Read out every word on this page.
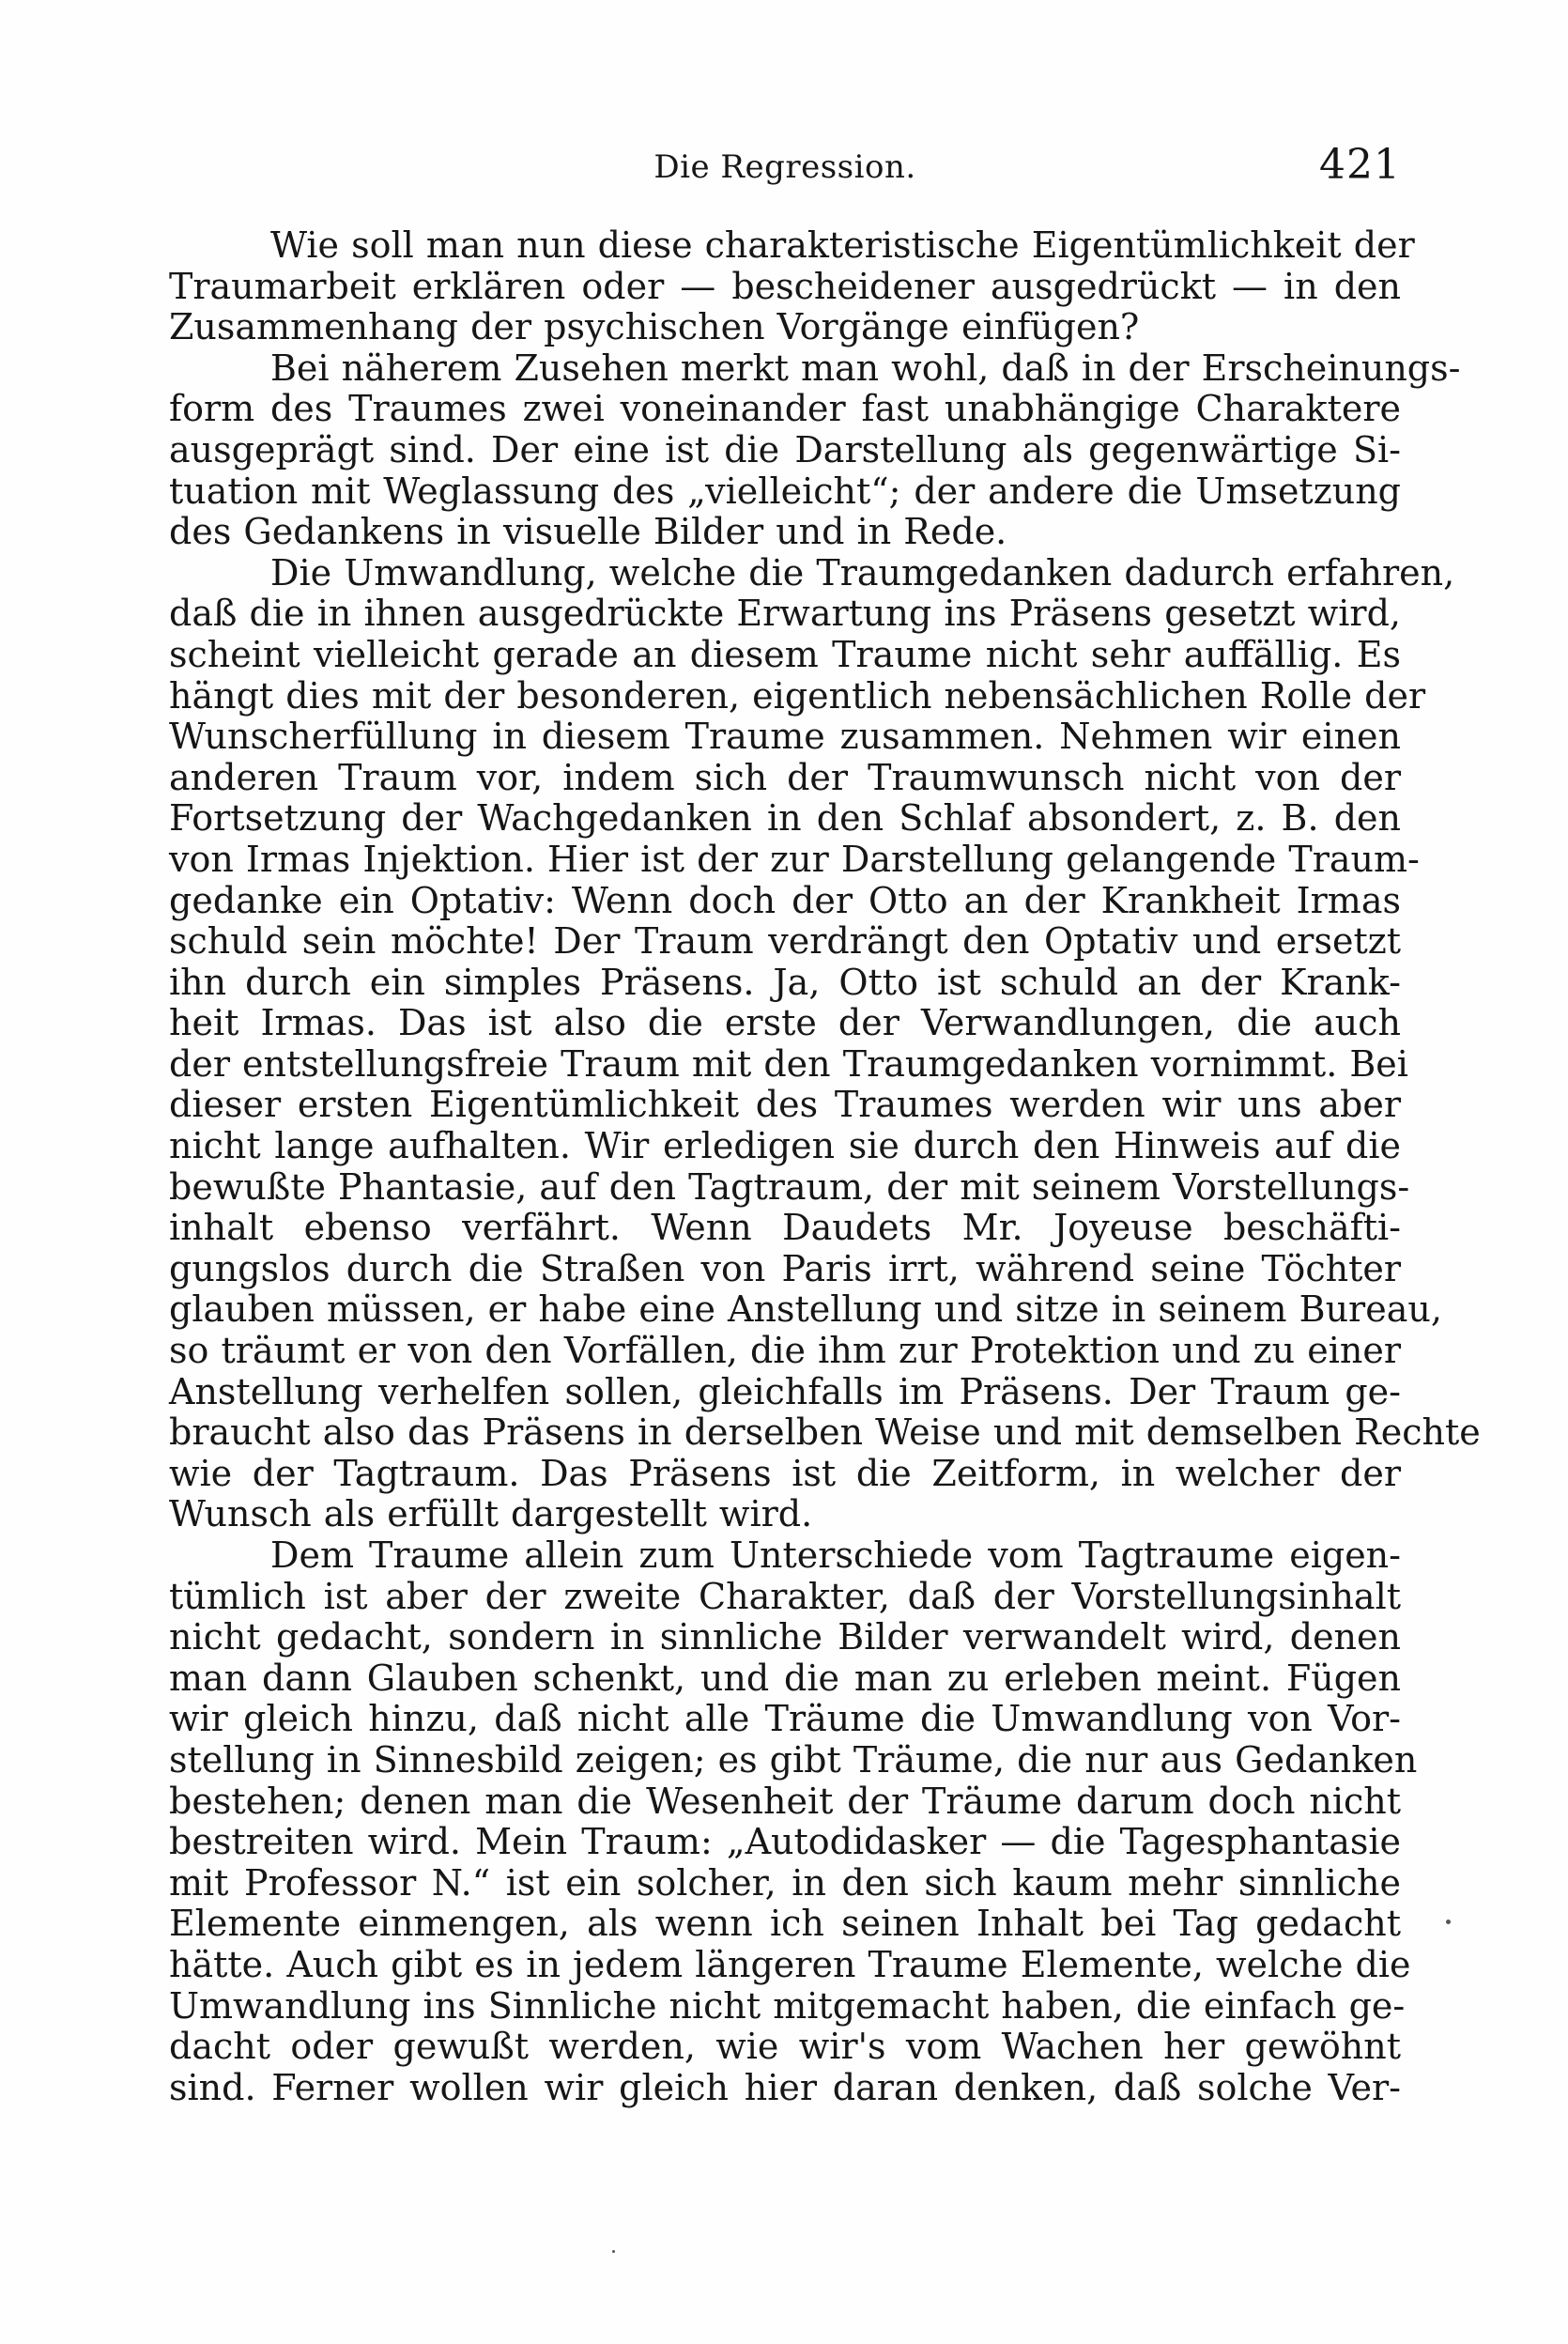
Die Regression.	421
Wie soll man nun diese charakteristische Eigentümlichkeit der
Traumarbeit erklären oder — bescheidener ausgedrückt — in den
Zusammenhang der psychischen Vorgänge einfügen?
Bei näherem Zusehen merkt man wohl, daß in der Erscheinungs-
form des Traumes zwei voneinander fast unabhängige Charaktere
ausgeprägt sind. Der eine ist die Darstellung als gegenwärtige Si-
tuation mit Weglassung des „vielleicht“; der andere die Umsetzung
des Gedankens in visuelle Bilder und in Rede.
Die Umwandlung, welche die Traumgedanken dadurch erfahren,
daß die in ihnen ausgedrückte Erwartung ins Präsens gesetzt wird,
scheint vielleicht gerade an diesem Traume nicht sehr auffällig. Es
hängt dies mit der besonderen, eigentlich nebensächlichen Rolle der
Wunscherfüllung in diesem Traume zusammen. Nehmen wir einen
anderen Traum vor, indem sich der Traumwunsch nicht von der
Fortsetzung der Wachgedanken in den Schlaf absondert, z. B. den
von Irmas Injektion. Hier ist der zur Darstellung gelangende Traum-
gedanke ein Optativ: Wenn doch der Otto an der Krankheit Irmas
schuld sein möchte! Der Traum verdrängt den Optativ und ersetzt
ihn durch ein simples Präsens. Ja, Otto ist schuld an der Krank-
heit Irmas. Das ist also die erste der Verwandlungen, die auch
der entstellungsfreie Traum mit den Traumgedanken vornimmt. Bei
dieser ersten Eigentümlichkeit des Traumes werden wir uns aber
nicht lange aufhalten. Wir erledigen sie durch den Hinweis auf die
bewußte Phantasie, auf den Tagtraum, der mit seinem Vorstellungs-
inhalt ebenso verfährt. Wenn Daudets Mr. Joyeuse beschäfti-
gungslos durch die Straßen von Paris irrt, während seine Töchter
glauben müssen, er habe eine Anstellung und sitze in seinem Bureau,
so träumt er von den Vorfällen, die ihm zur Protektion und zu einer
Anstellung verhelfen sollen, gleichfalls im Präsens. Der Traum ge-
braucht also das Präsens in derselben Weise und mit demselben Rechte
wie der Tagtraum. Das Präsens ist die Zeitform, in welcher der
Wunsch als erfüllt dargestellt wird.
Dem Traume allein zum Unterschiede vom Tagtraume eigen-
tümlich ist aber der zweite Charakter, daß der Vorstellungsinhalt
nicht gedacht, sondern in sinnliche Bilder verwandelt wird, denen
man dann Glauben schenkt, und die man zu erleben meint. Fügen
wir gleich hinzu, daß nicht alle Träume die Umwandlung von Vor-
stellung in Sinnesbild zeigen; es gibt Träume, die nur aus Gedanken
bestehen; denen man die Wesenheit der Träume darum doch nicht
bestreiten wird. Mein Traum: „Autodidasker — die Tagesphantasie
mit Professor N.“ ist ein solcher, in den sich kaum mehr sinnliche
Elemente einmengen, als wenn ich seinen Inhalt bei Tag gedacht
hätte. Auch gibt es in jedem längeren Traume Elemente, welche die
Umwandlung ins Sinnliche nicht mitgemacht haben, die einfach ge-
dacht oder gewußt werden, wie wir's vom Wachen her gewöhnt
sind. Ferner wollen wir gleich hier daran denken, daß solche Ver-
